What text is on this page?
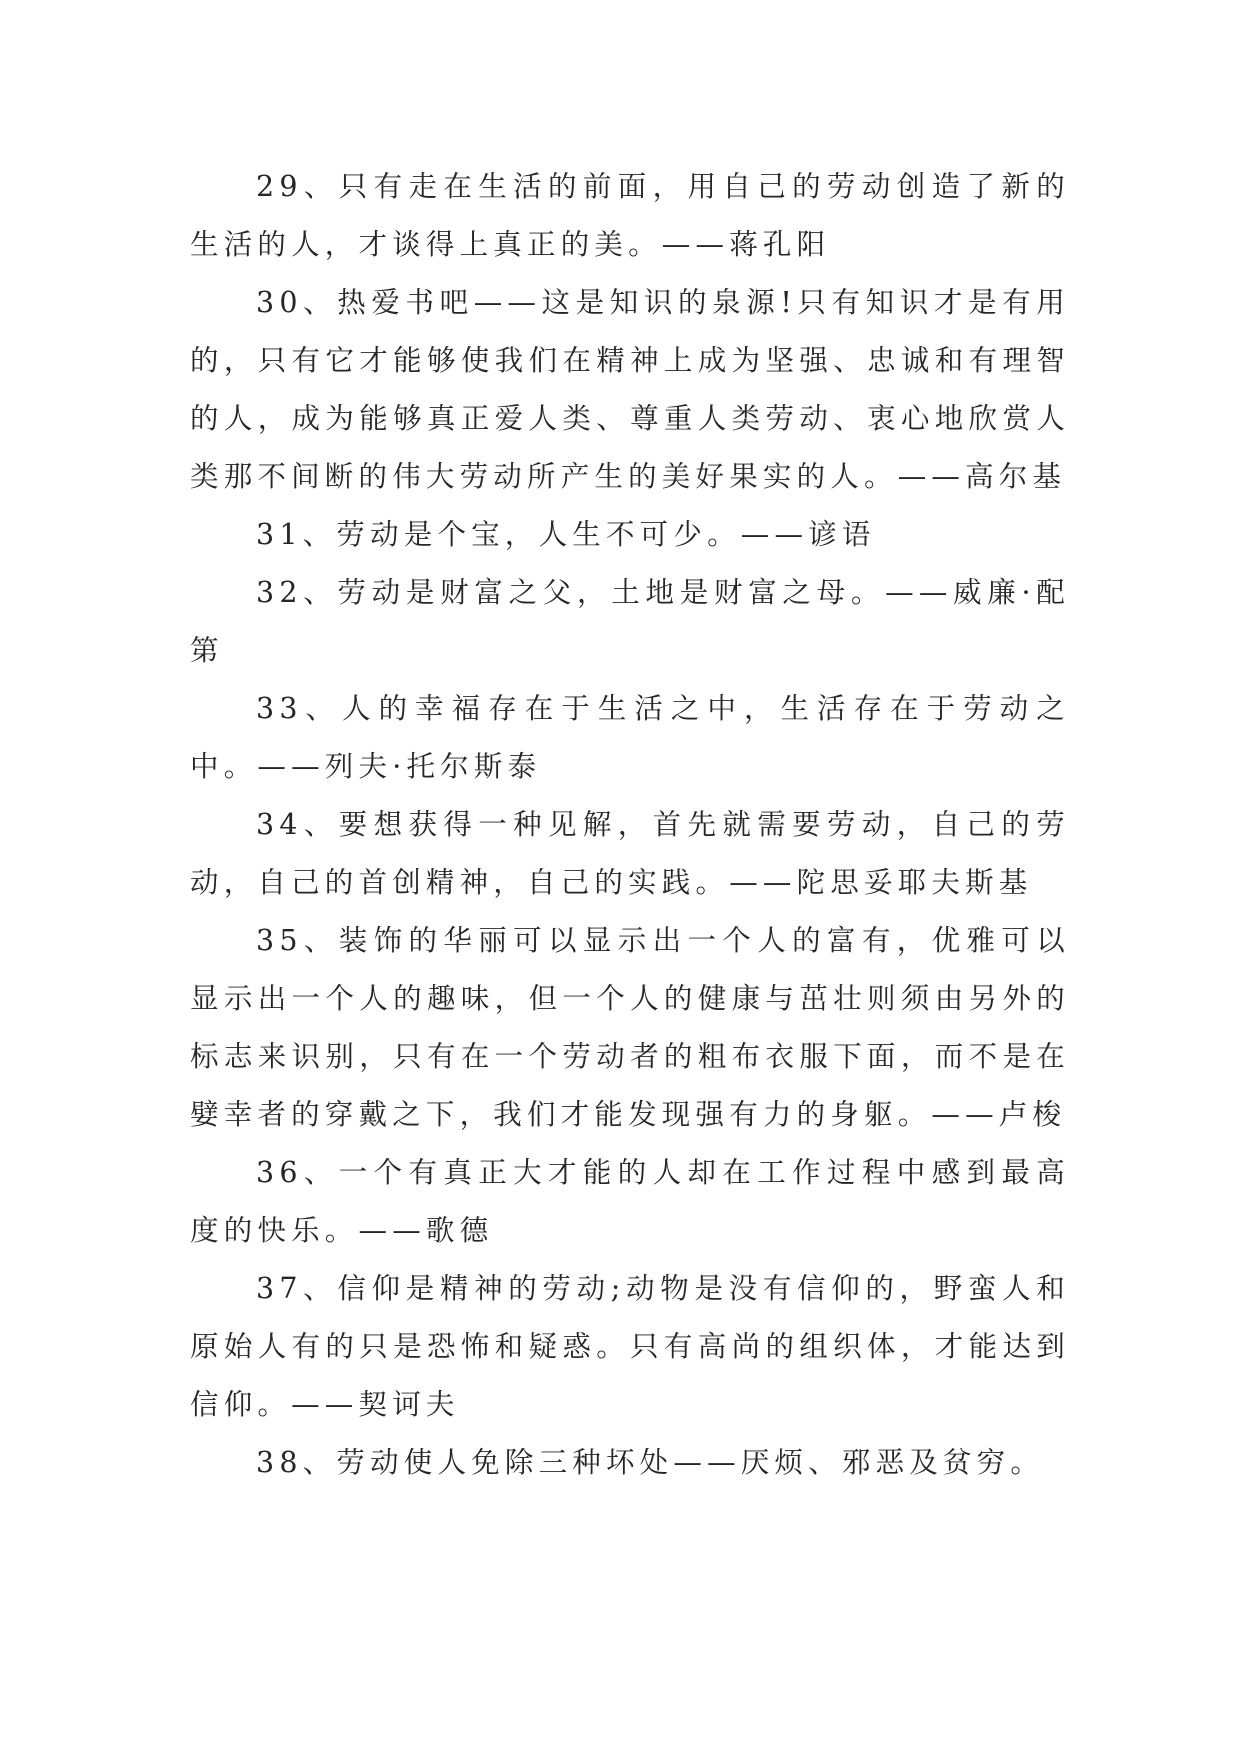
29、只有走在生活的前面，用自己的劳动创造了新的生活的人，才谈得上真正的美。——蒋孔阳

30、热爱书吧——这是知识的泉源!只有知识才是有用的，只有它才能够使我们在精神上成为坚强、忠诚和有理智的人，成为能够真正爱人类、尊重人类劳动、衷心地欣赏人类那不间断的伟大劳动所产生的美好果实的人。——高尔基

31、劳动是个宝，人生不可少。——谚语

32、劳动是财富之父，土地是财富之母。——威廉·配第

33、人的幸福存在于生活之中，生活存在于劳动之中。——列夫·托尔斯泰

34、要想获得一种见解，首先就需要劳动，自己的劳动，自己的首创精神，自己的实践。——陀思妥耶夫斯基

35、装饰的华丽可以显示出一个人的富有，优雅可以显示出一个人的趣味，但一个人的健康与茁壮则须由另外的标志来识别，只有在一个劳动者的粗布衣服下面，而不是在嬖幸者的穿戴之下，我们才能发现强有力的身躯。——卢梭

36、一个有真正大才能的人却在工作过程中感到最高度的快乐。——歌德

37、信仰是精神的劳动;动物是没有信仰的，野蛮人和原始人有的只是恐怖和疑惑。只有高尚的组织体，才能达到信仰。——契诃夫

38、劳动使人免除三种坏处——厌烦、邪恶及贫穷。
